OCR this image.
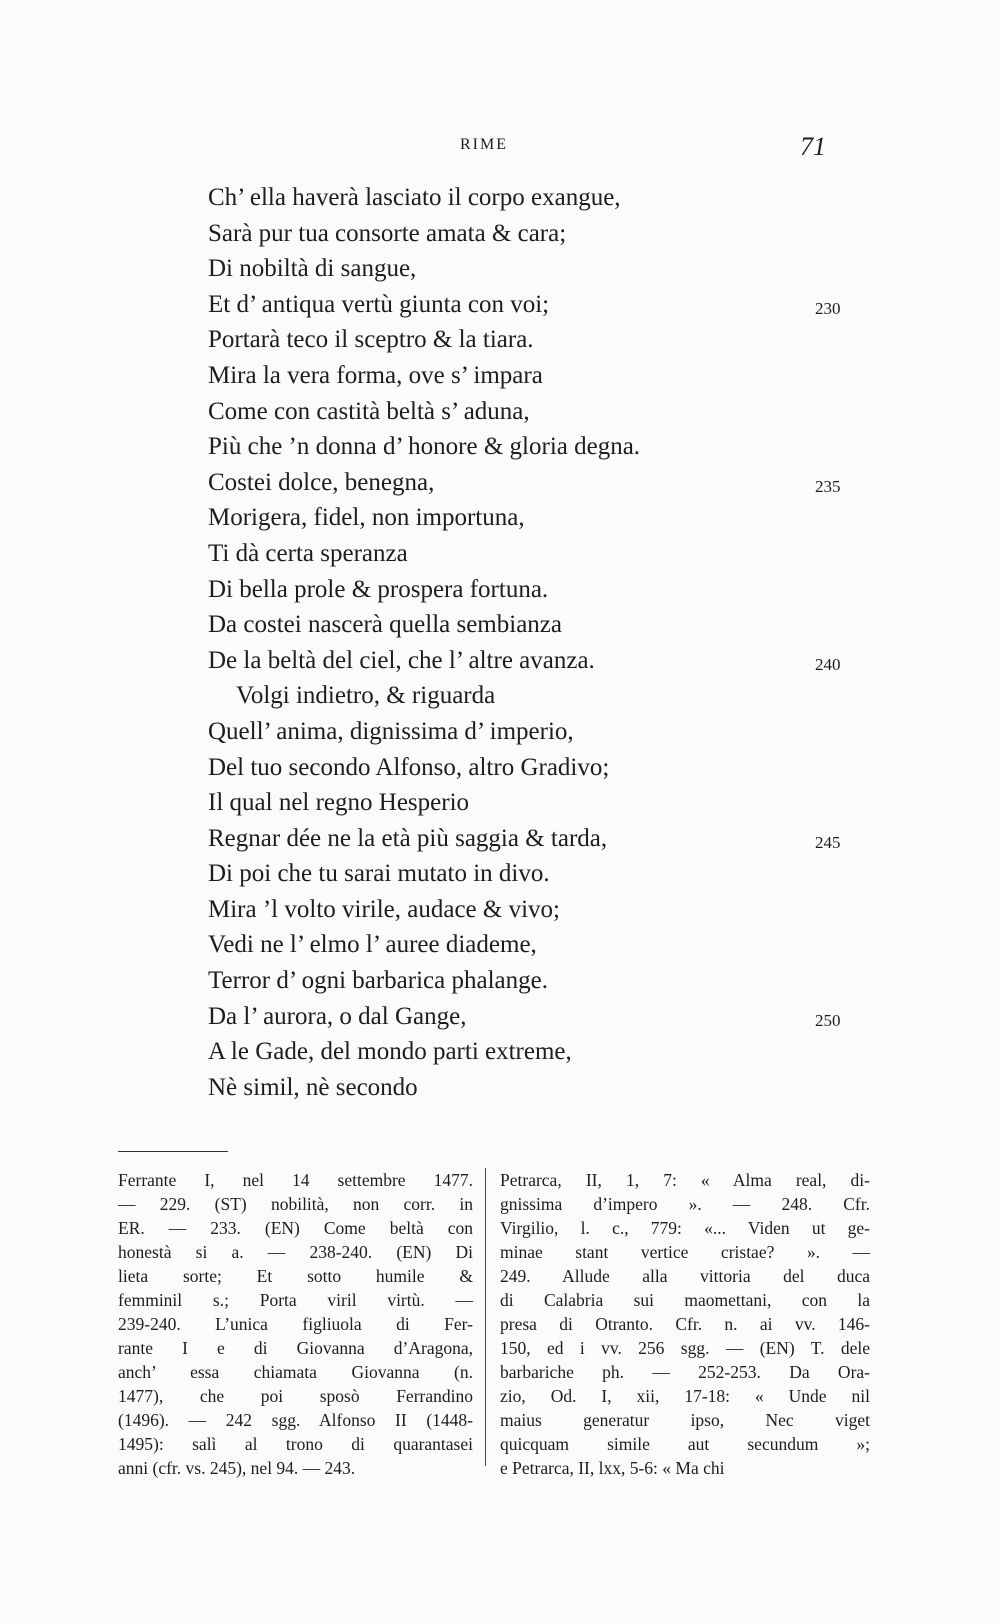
RIME	71
Ch’ ella haverà lasciato il corpo exangue,
Sarà pur tua consorte amata & cara;
Di nobiltà di sangue,
Et d’ antiqua vertù giunta con voi;	230
Portarà teco il sceptro & la tiara.
Mira la vera forma, ove s’ impara
Come con castità beltà s’ aduna,
Più che ’n donna d’ honore & gloria degna.
Costei dolce, benegna,	235
Morigera, fidel, non importuna,
Ti dà certa speranza
Di bella prole & prospera fortuna.
Da costei nascerà quella sembianza
De la beltà del ciel, che l’ altre avanza.	240
Volgi indietro, & riguarda
Quell’ anima, dignissima d’ imperio,
Del tuo secondo Alfonso, altro Gradivo;
Il qual nel regno Hesperio
Regnar dée ne la età più saggia & tarda,	245
Di poi che tu sarai mutato in divo.
Mira ’l volto virile, audace & vivo;
Vedi ne l’ elmo l’ auree diademe,
Terror d’ ogni barbarica phalange.
Da l’ aurora, o dal Gange,	250
A le Gade, del mondo parti extreme,
Nè simil, nè secondo
Ferrante I, nel 14 settembre 1477.
— 229. (ST) nobilità, non corr. in
ER. — 233. (EN) Come beltà con
honestà si a. — 238-240. (EN) Di
lieta sorte; Et sotto humile &
femminil s.; Porta viril virtù. —
239-240. L’unica figliuola di Fer-
rante I e di Giovanna d’Aragona,
anch’ essa chiamata Giovanna (n.
1477), che poi sposò Ferrandino
(1496). — 242 sgg. Alfonso II (1448-
1495): salì al trono di quarantasei
anni (cfr. vs. 245), nel 94. — 243.
Petrarca, II, 1, 7: « Alma real, di-
gnissima d’impero ». — 248. Cfr.
Virgilio, l. c., 779: «... Viden ut ge-
minae stant vertice cristae? ». —
249. Allude alla vittoria del duca
di Calabria sui maomettani, con la
presa di Otranto. Cfr. n. ai vv. 146-
150, ed i vv. 256 sgg. — (EN) T. dele
barbariche ph. — 252-253. Da Ora-
zio, Od. I, xii, 17-18: « Unde nil
maius generatur ipso, Nec viget
quicquam simile aut secundum »;
e Petrarca, II, lxx, 5-6: « Ma chi
